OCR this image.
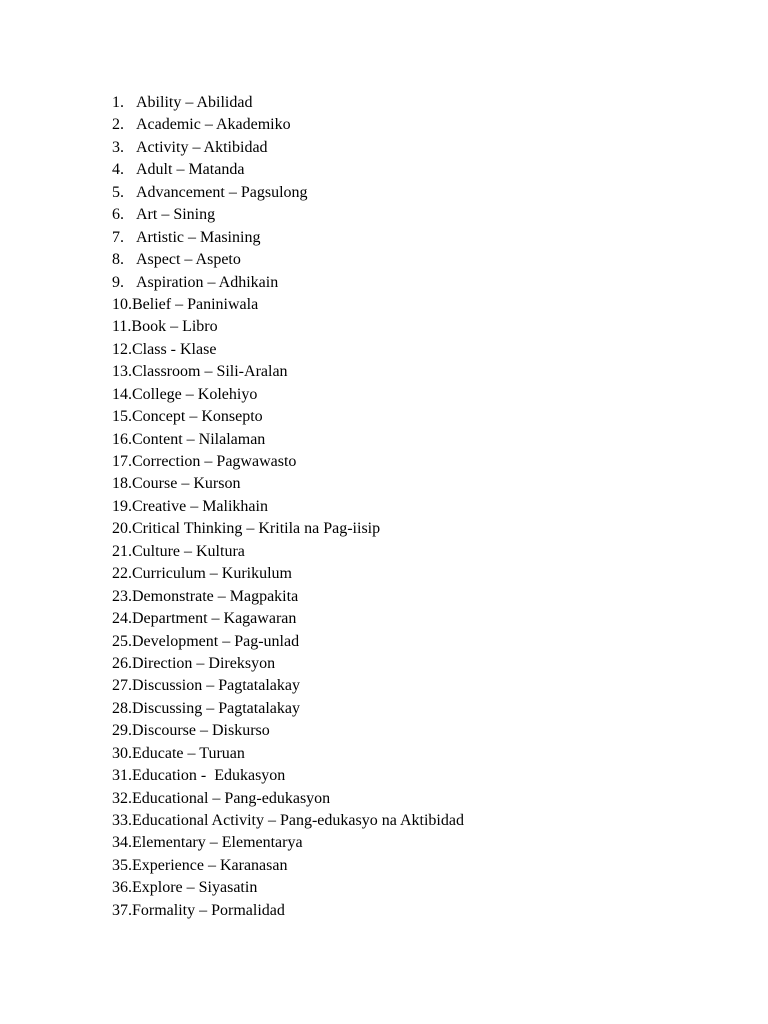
1. Ability – Abilidad
2. Academic – Akademiko
3. Activity – Aktibidad
4. Adult – Matanda
5. Advancement – Pagsulong
6. Art – Sining
7. Artistic – Masining
8. Aspect – Aspeto
9. Aspiration – Adhikain
10. Belief – Paniniwala
11. Book – Libro
12. Class - Klase
13. Classroom – Sili-Aralan
14. College – Kolehiyo
15. Concept – Konsepto
16. Content – Nilalaman
17. Correction – Pagwawasto
18. Course – Kurson
19. Creative – Malikhain
20. Critical Thinking – Kritila na Pag-iisip
21. Culture – Kultura
22. Curriculum – Kurikulum
23. Demonstrate – Magpakita
24. Department – Kagawaran
25. Development – Pag-unlad
26. Direction – Direksyon
27. Discussion – Pagtatalakay
28. Discussing – Pagtatalakay
29. Discourse – Diskurso
30. Educate – Turuan
31. Education -  Edukasyon
32. Educational – Pang-edukasyon
33. Educational Activity – Pang-edukasyo na Aktibidad
34. Elementary – Elementarya
35. Experience – Karanasan
36. Explore – Siyasatin
37. Formality – Pormalidad
